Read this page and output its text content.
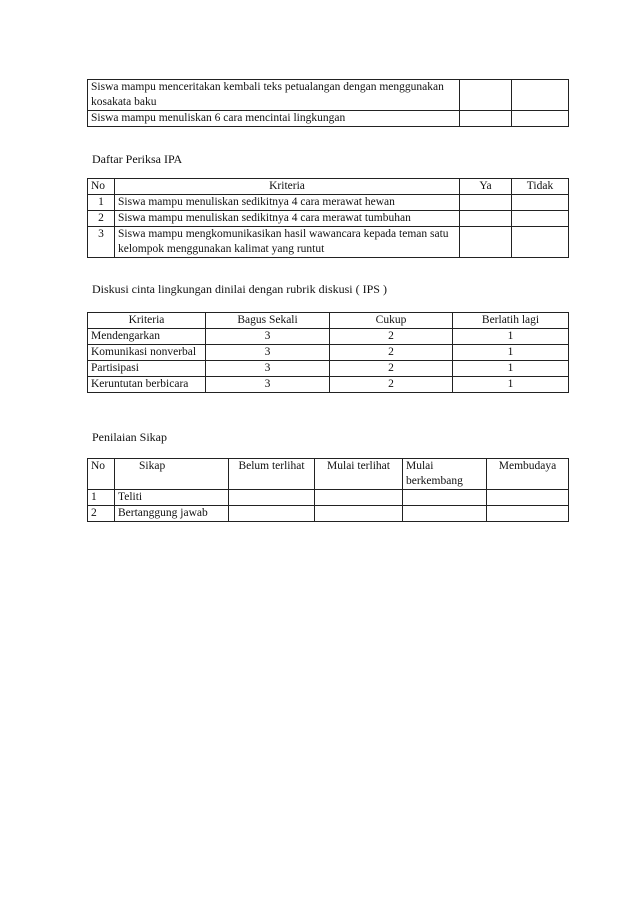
Siswa mampu menceritakan kembali teks petualangan dengan menggunakan kosakata baku		
Siswa mampu menuliskan 6 cara mencintai lingkungan		
Daftar Periksa IPA
No	Kriteria	Ya	Tidak
1	Siswa mampu menuliskan sedikitnya 4 cara merawat hewan		
2	Siswa mampu menuliskan sedikitnya 4 cara merawat tumbuhan		
3	Siswa mampu mengkomunikasikan hasil wawancara kepada teman satu kelompok menggunakan kalimat yang runtut		
Diskusi cinta lingkungan dinilai dengan rubrik diskusi ( IPS )
Kriteria	Bagus Sekali	Cukup	Berlatih lagi
Mendengarkan	3	2	1
Komunikasi nonverbal	3	2	1
Partisipasi	3	2	1
Keruntutan berbicara	3	2	1
Penilaian Sikap
No	Sikap	Belum terlihat	Mulai terlihat	Mulai berkembang	Membudaya
1	Teliti				
2	Bertanggung jawab				
